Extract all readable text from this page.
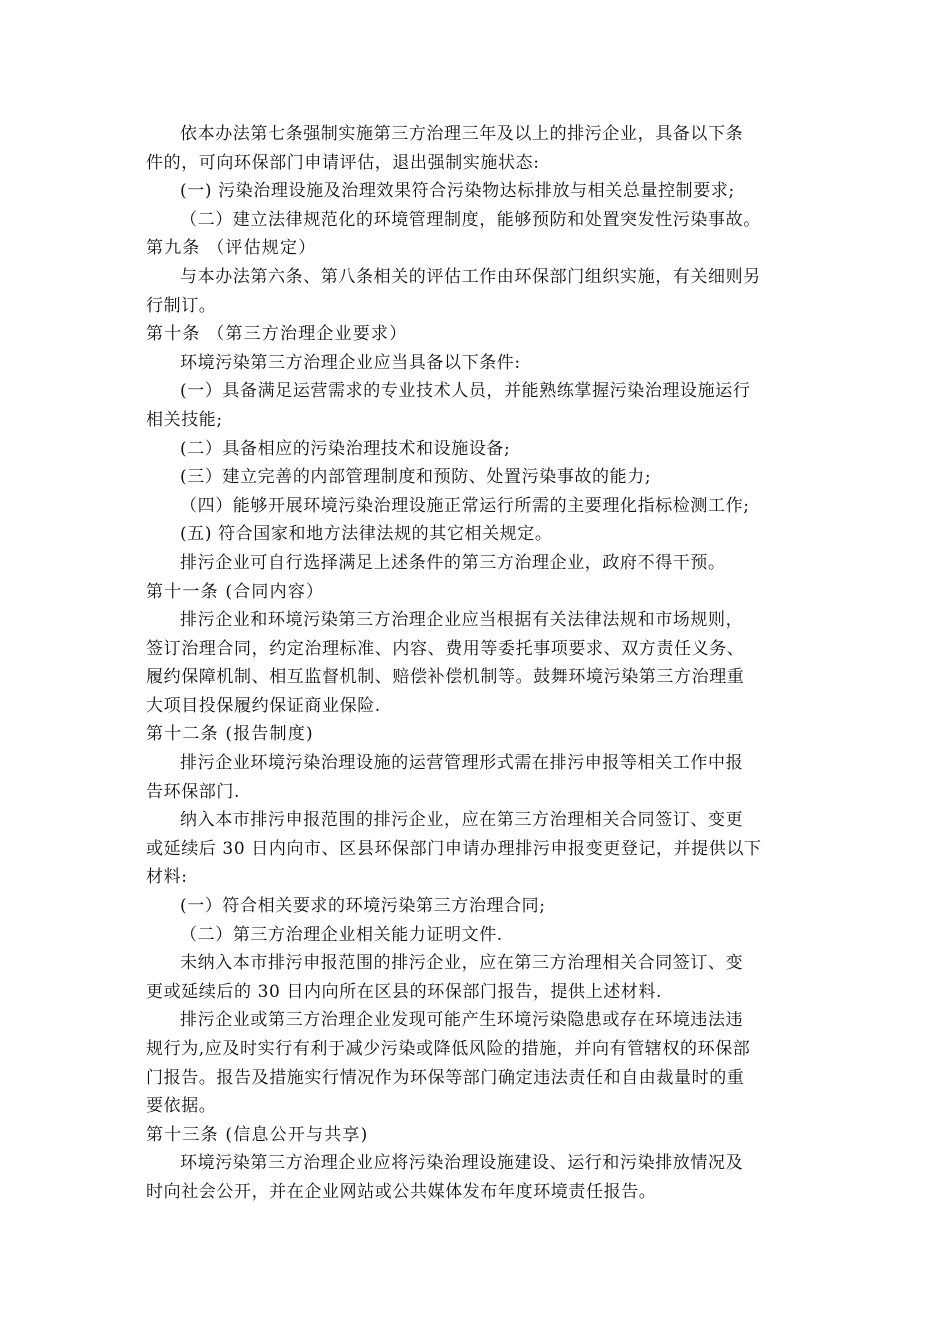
依本办法第七条强制实施第三方治理三年及以上的排污企业，具备以下条
件的，可向环保部门申请评估，退出强制实施状态:
(一) 污染治理设施及治理效果符合污染物达标排放与相关总量控制要求;
（二）建立法律规范化的环境管理制度，能够预防和处置突发性污染事故。
第九条 （评估规定）
与本办法第六条、第八条相关的评估工作由环保部门组织实施，有关细则另
行制订。
第十条 （第三方治理企业要求）
环境污染第三方治理企业应当具备以下条件:
(一）具备满足运营需求的专业技术人员，并能熟练掌握污染治理设施运行
相关技能;
(二）具备相应的污染治理技术和设施设备;
(三）建立完善的内部管理制度和预防、处置污染事故的能力;
（四）能够开展环境污染治理设施正常运行所需的主要理化指标检测工作;
(五) 符合国家和地方法律法规的其它相关规定。
排污企业可自行选择满足上述条件的第三方治理企业，政府不得干预。
第十一条 (合同内容）
排污企业和环境污染第三方治理企业应当根据有关法律法规和市场规则，
签订治理合同，约定治理标准、内容、费用等委托事项要求、双方责任义务、
履约保障机制、相互监督机制、赔偿补偿机制等。鼓舞环境污染第三方治理重
大项目投保履约保证商业保险.
第十二条 (报告制度)
排污企业环境污染治理设施的运营管理形式需在排污申报等相关工作中报
告环保部门.
纳入本市排污申报范围的排污企业，应在第三方治理相关合同签订、变更
或延续后 30 日内向市、区县环保部门申请办理排污申报变更登记，并提供以下
材料:
(一）符合相关要求的环境污染第三方治理合同;
（二）第三方治理企业相关能力证明文件.
未纳入本市排污申报范围的排污企业，应在第三方治理相关合同签订、变
更或延续后的 30 日内向所在区县的环保部门报告，提供上述材料.
排污企业或第三方治理企业发现可能产生环境污染隐患或存在环境违法违
规行为,应及时实行有利于减少污染或降低风险的措施，并向有管辖权的环保部
门报告。报告及措施实行情况作为环保等部门确定违法责任和自由裁量时的重
要依据。
第十三条 (信息公开与共享)
环境污染第三方治理企业应将污染治理设施建设、运行和污染排放情况及
时向社会公开，并在企业网站或公共媒体发布年度环境责任报告。
